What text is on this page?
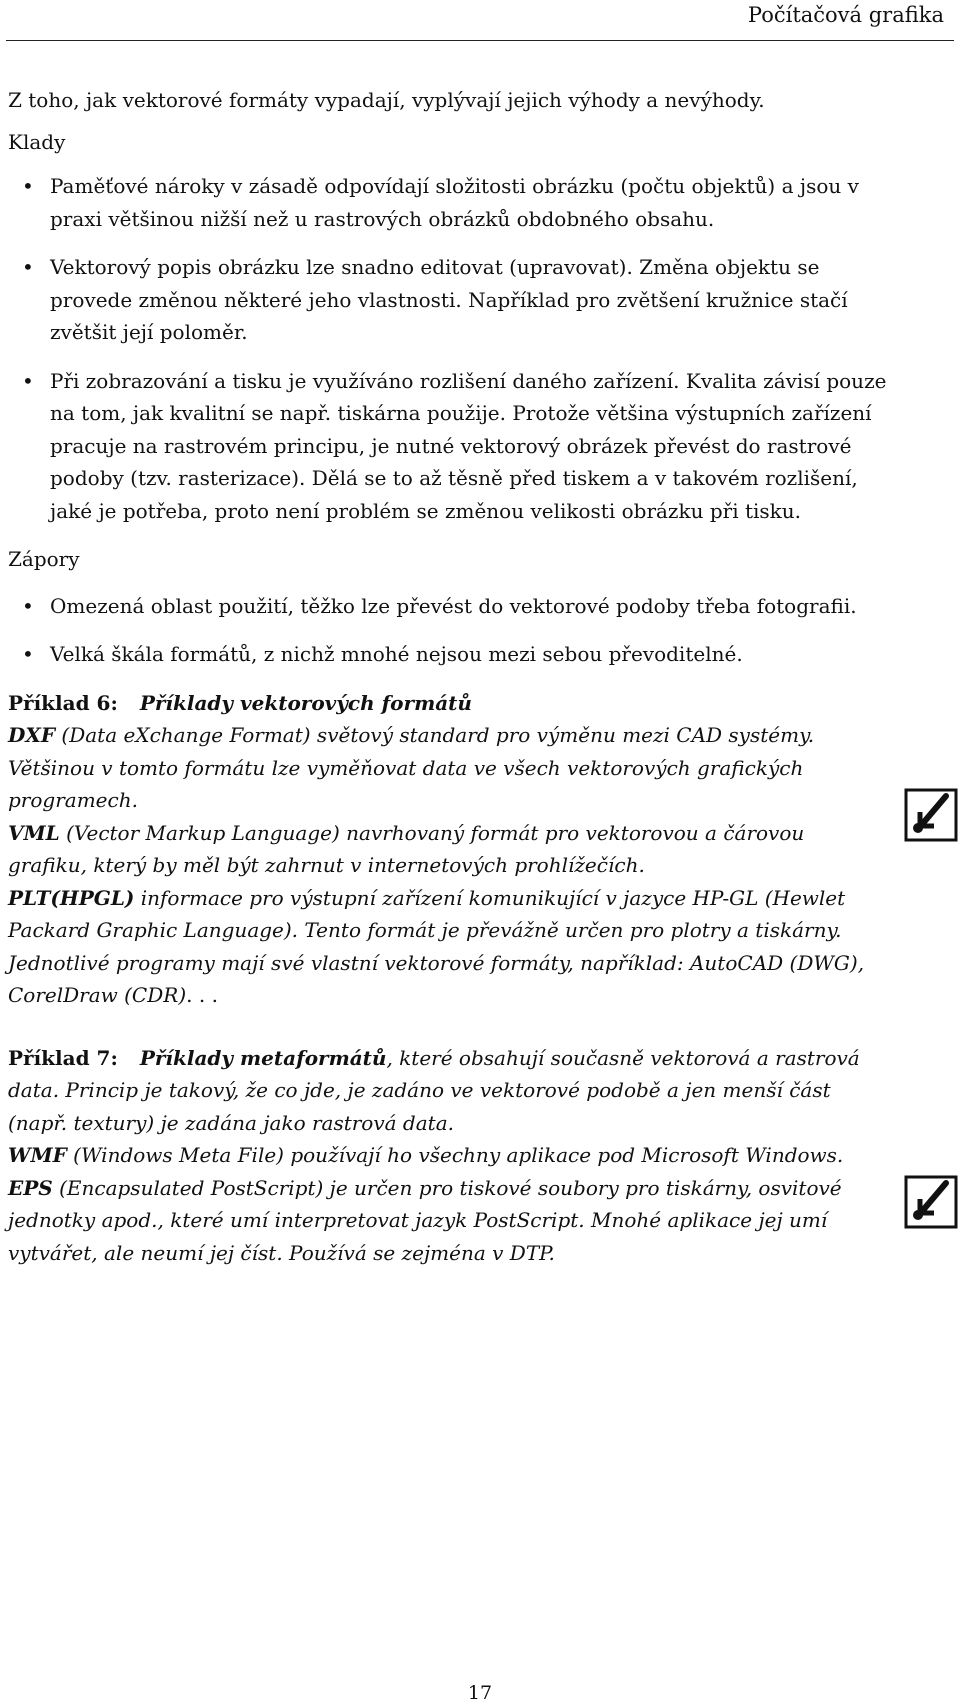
Počítačová grafika

Z toho, jak vektorové formáty vypadají, vyplývají jejich výhody a nevýhody.

Klady

• Paměťové nároky v zásadě odpovídají složitosti obrázku (počtu objektů) a jsou v praxi většinou nižší než u rastrových obrázků obdobného obsahu.
• Vektorový popis obrázku lze snadno editovat (upravovat). Změna objektu se provede změnou některé jeho vlastnosti. Například pro zvětšení kružnice stačí zvětšit její poloměr.
• Při zobrazování a tisku je využíváno rozlišení daného zařízení. Kvalita závisí pouze na tom, jak kvalitní se např. tiskárna použije. Protože většina výstupních zařízení pracuje na rastrovém principu, je nutné vektorový obrázek převést do rastrové podoby (tzv. rasterizace). Dělá se to až těsně před tiskem a v takovém rozlišení, jaké je potřeba, proto není problém se změnou velikosti obrázku při tisku.

Zápory

• Omezená oblast použití, těžko lze převést do vektorové podoby třeba fotografii.
• Velká škála formátů, z nichž mnohé nejsou mezi sebou převoditelné.

Příklad 6: Příklady vektorových formátů

DXF (Data eXchange Format) světový standard pro výměnu mezi CAD systémy. Většinou v tomto formátu lze vyměňovat data ve všech vektorových grafických programech.

VML (Vector Markup Language) navrhovaný formát pro vektorovou a čárovou grafiku, který by měl být zahrnut v internetových prohlížečích.

PLT(HPGL) informace pro výstupní zařízení komunikující v jazyce HP-GL (Hewlet Packard Graphic Language). Tento formát je převážně určen pro plotry a tiskárny.

Jednotlivé programy mají své vlastní vektorové formáty, například: AutoCAD (DWG), CorelDraw (CDR). . .

Příklad 7: Příklady metaformátů, které obsahují současně vektorová a rastrová data. Princip je takový, že co jde, je zadáno ve vektorové podobě a jen menší část (např. textury) je zadána jako rastrová data.

WMF (Windows Meta File) používají ho všechny aplikace pod Microsoft Windows.

EPS (Encapsulated PostScript) je určen pro tiskové soubory pro tiskárny, osvitové jednotky apod., které umí interpretovat jazyk PostScript. Mnohé aplikace jej umí vytvářet, ale neumí jej číst. Používá se zejména v DTP.

17
